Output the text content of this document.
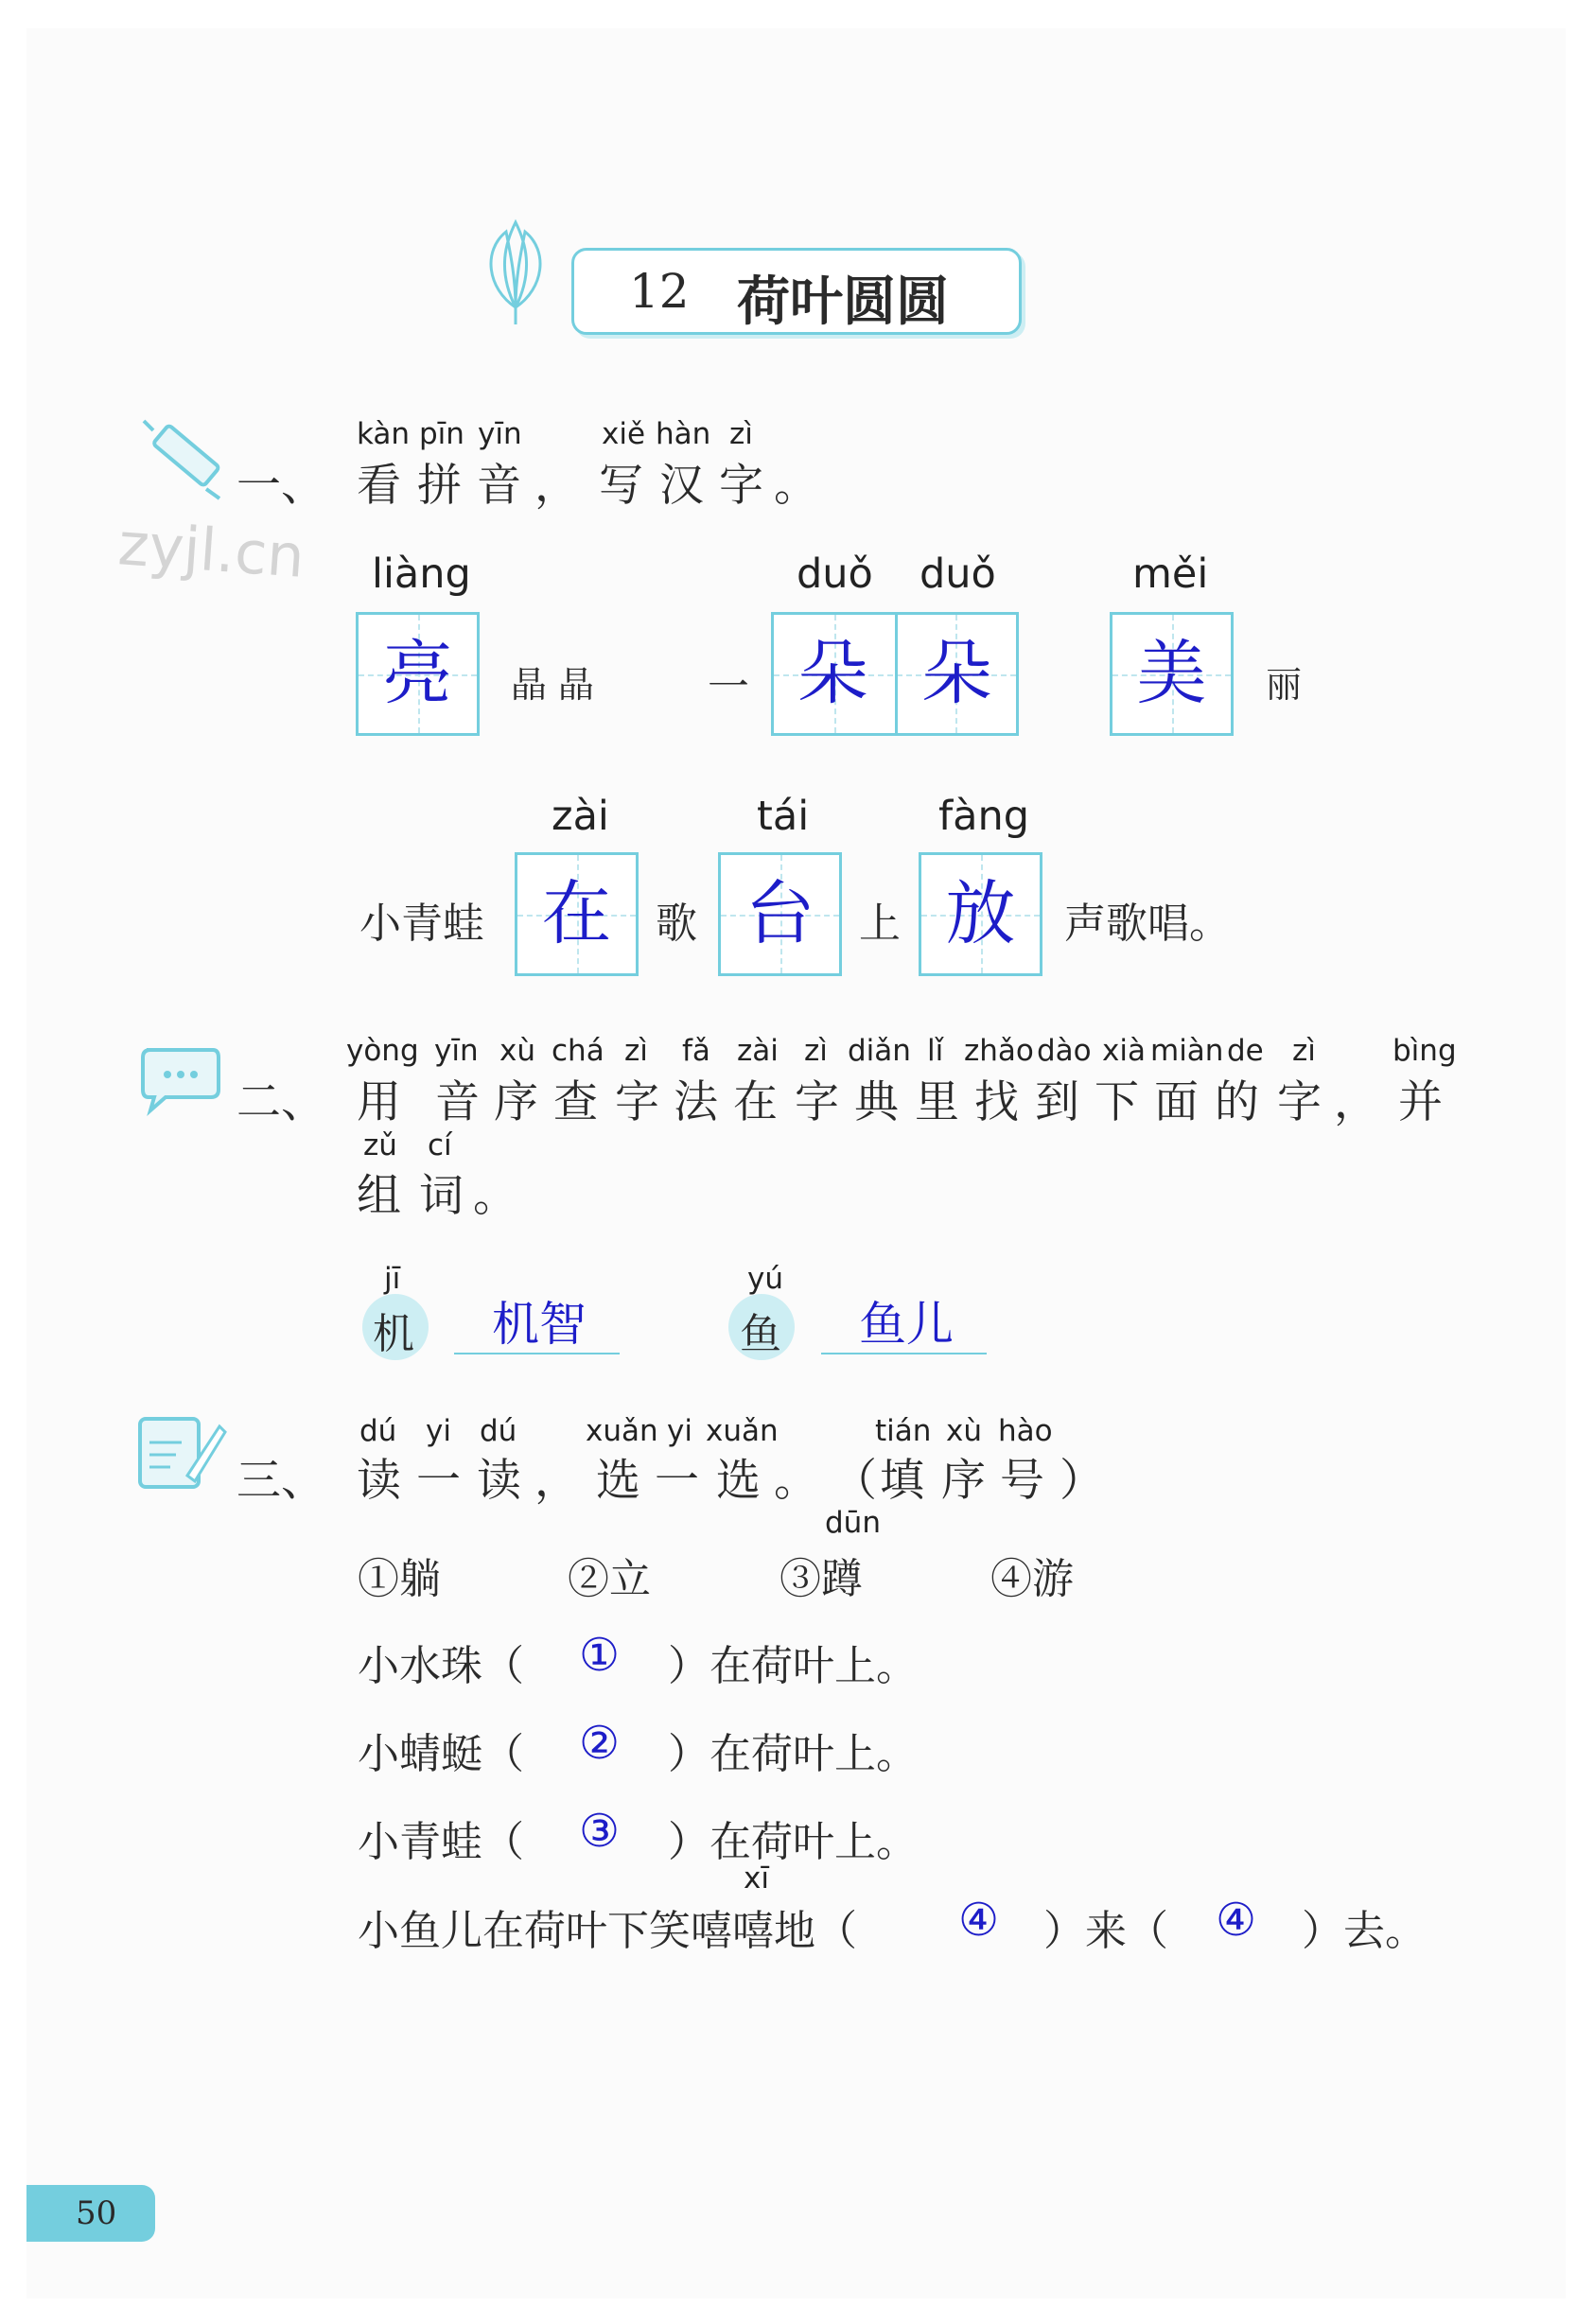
12 荷叶圆圆
zyjl.cn
一、
kàn pīn yīn	xiě hàn zì
看 拼 音 ， 写 汉 字 。
liàng
亮	晶晶 一
duǒ duǒ
朵 朵
měi
美	丽
小青蛙
zài
在	歌
tái
台	上
fàng
放	声歌唱。
二、
yòng yīn xù chá zì fǎ zài zì diǎn lǐ zhǎo dào xià miàn de zì	bìng
用 音 序 查 字 法 在 字 典 里 找 到 下 面 的 字 ， 并
zǔ cí
组 词 。
jī
机 机智
yú
鱼 鱼儿
三、
dú yi dú xuǎn yi xuǎn	tián xù hào
读 一 读 ， 选 一 选 。 （ 填 序 号 ）
dūn
①躺	②立	③蹲	④游
小水珠（ ① ）在荷叶上。
小蜻蜓（ ② ）在荷叶上。
小青蛙（ ③ ）在荷叶上。
xī
小鱼儿在荷叶下笑嘻嘻地（ ④ ）来（ ④ ）去。
50
